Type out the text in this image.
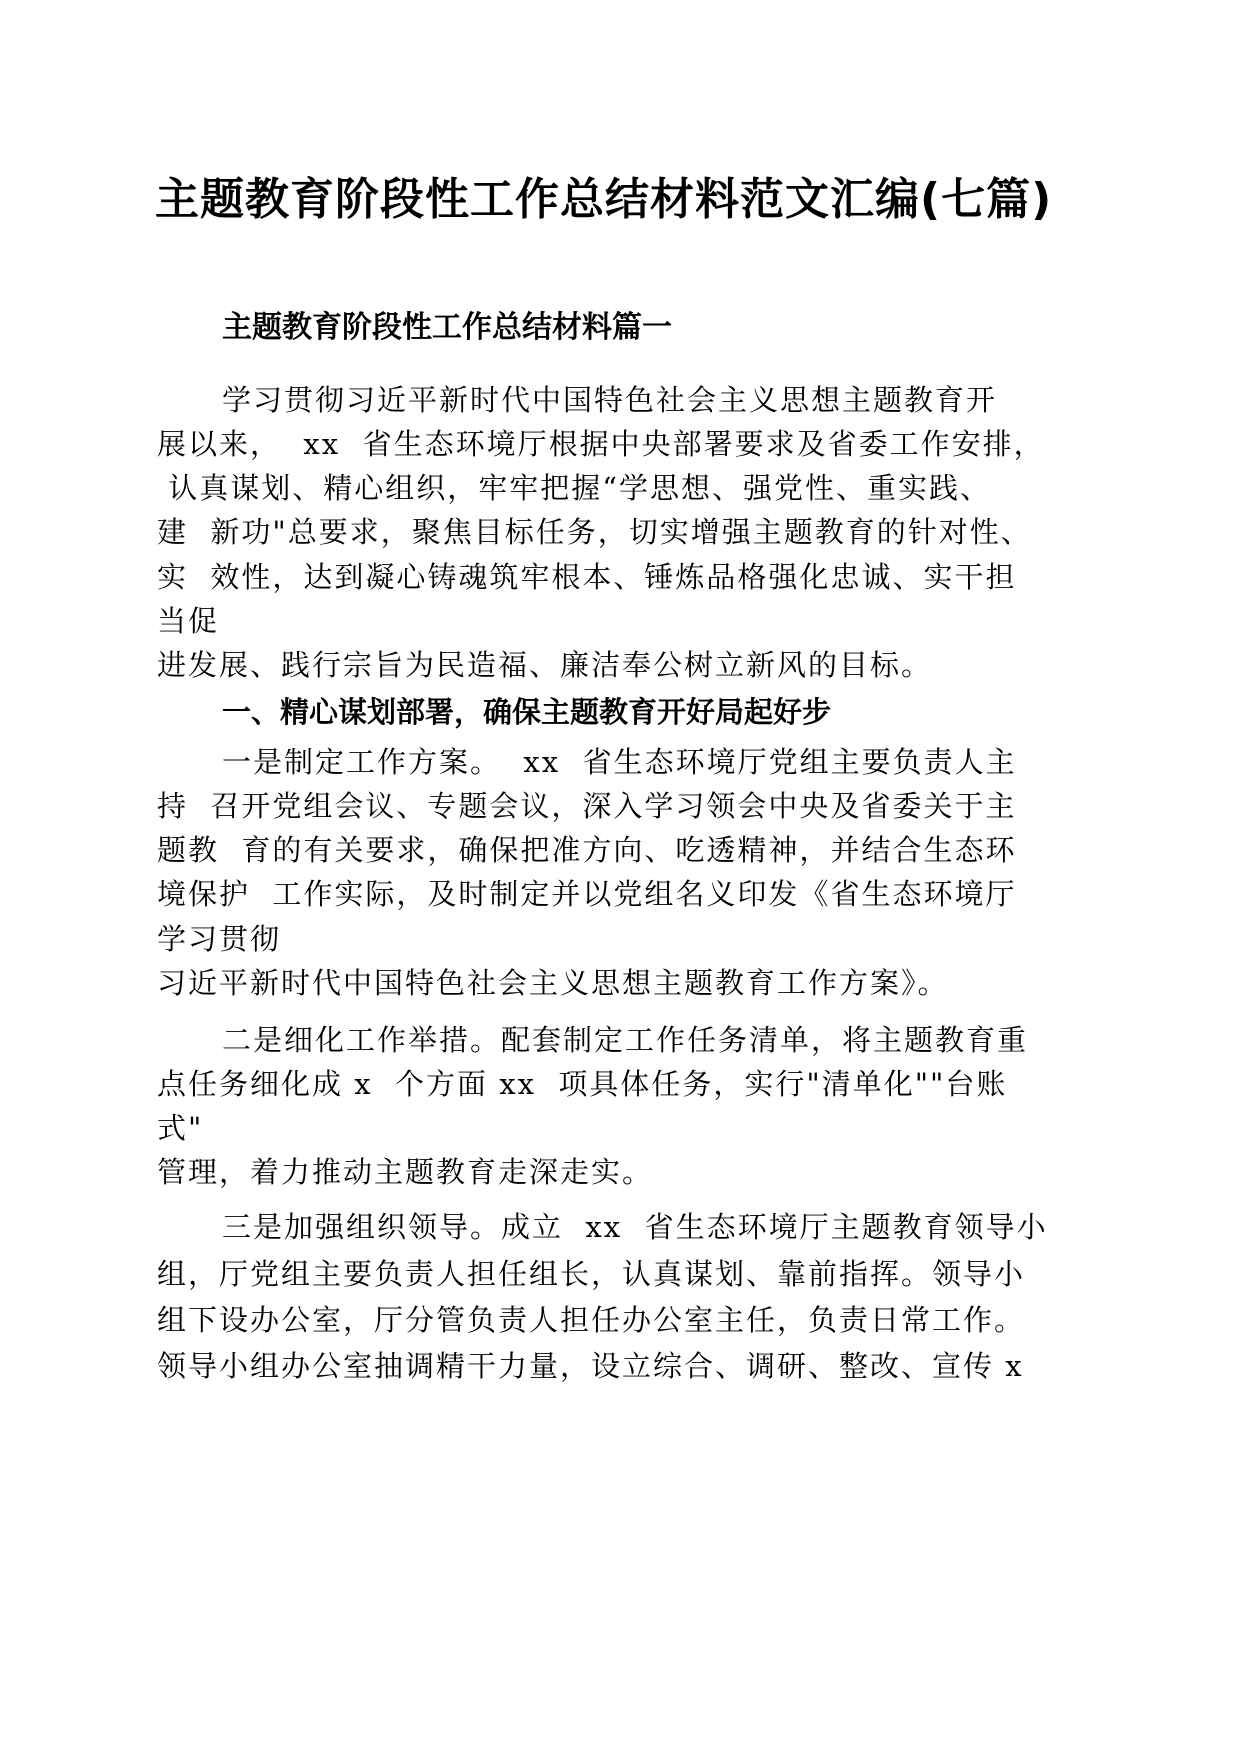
主题教育阶段性工作总结材料范文汇编(七篇)
主题教育阶段性工作总结材料篇一
学习贯彻习近平新时代中国特色社会主义思想主题教育开
展以来，  xx  省生态环境厅根据中央部署要求及省委工作安排，
认真谋划、精心组织，牢牢把握“学思想、强党性、重实践、
建  新功"总要求，聚焦目标任务，切实增强主题教育的针对性、
实  效性，达到凝心铸魂筑牢根本、锤炼品格强化忠诚、实干担
当促
进发展、践行宗旨为民造福、廉洁奉公树立新风的目标。
一、精心谋划部署，确保主题教育开好局起好步
一是制定工作方案。  xx  省生态环境厅党组主要负责人主
持  召开党组会议、专题会议，深入学习领会中央及省委关于主
题教  育的有关要求，确保把准方向、吃透精神，并结合生态环
境保护  工作实际，及时制定并以党组名义印发《省生态环境厅
学习贯彻
习近平新时代中国特色社会主义思想主题教育工作方案》。
二是细化工作举措。配套制定工作任务清单，将主题教育重
点任务细化成 x  个方面 xx  项具体任务，实行"清单化""台账
式"
管理，着力推动主题教育走深走实。
三是加强组织领导。成立  xx  省生态环境厅主题教育领导小
组，厅党组主要负责人担任组长，认真谋划、靠前指挥。领导小
组下设办公室，厅分管负责人担任办公室主任，负责日常工作。
领导小组办公室抽调精干力量，设立综合、调研、整改、宣传 x
